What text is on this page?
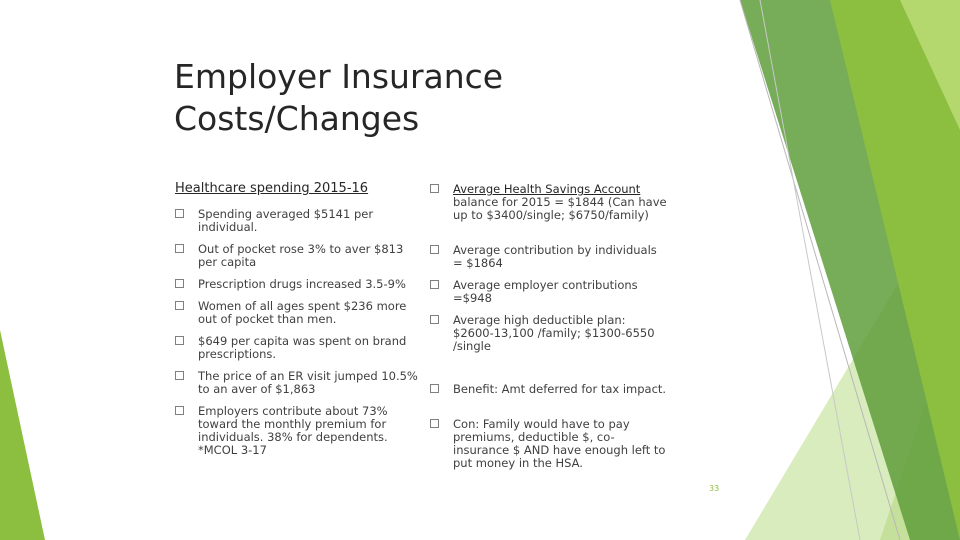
Employer Insurance
Costs/Changes
Healthcare spending 2015-16
Spending averaged $5141 per individual.
Out of pocket rose 3% to aver $813 per capita
Prescription drugs increased 3.5-9%
Women of all ages spent $236 more out of pocket than men.
$649 per capita was spent on brand prescriptions.
The price of an ER visit jumped 10.5% to an aver of $1,863
Employers contribute about 73% toward the monthly premium for individuals. 38% for dependents. *MCOL 3-17
Average Health Savings Account balance for 2015 = $1844 (Can have up to $3400/single; $6750/family)
Average contribution by individuals = $1864
Average employer contributions =$948
Average high deductible plan: $2600-13,100 /family; $1300-6550 /single
Benefit: Amt deferred for tax impact.
Con: Family would have to pay premiums, deductible $, co-insurance $ AND have enough left to put money in the HSA.
33
